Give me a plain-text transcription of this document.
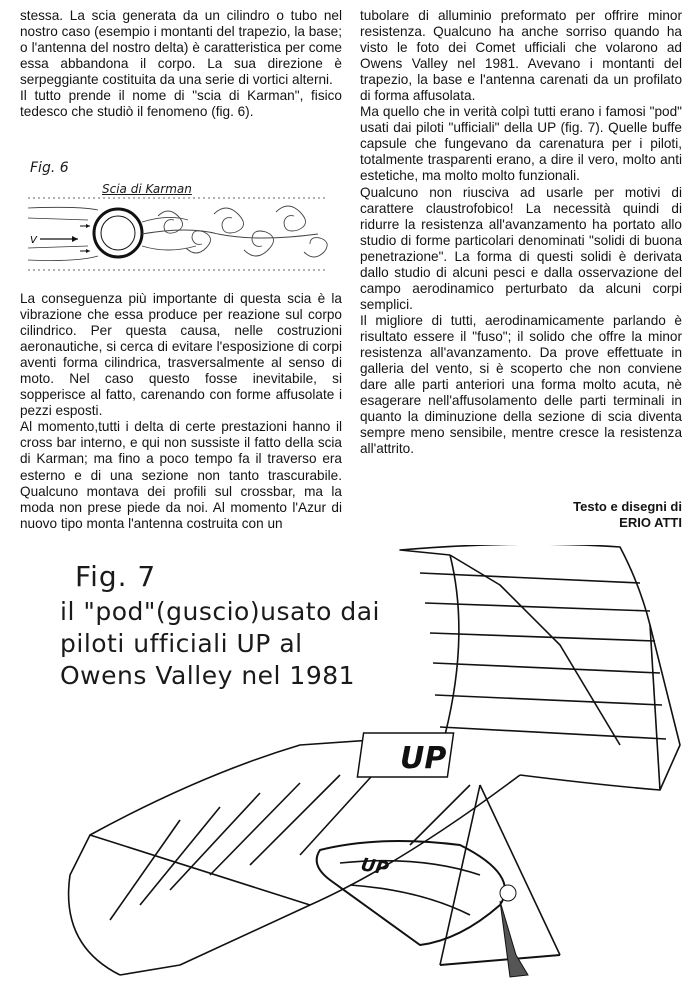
stessa. La scia generata da un cilindro o tubo nel nostro caso (esempio i montanti del trapezio, la base; o l'antenna del nostro delta) è caratteristica per come essa abbandona il corpo. La sua direzione è serpeggiante costituita da una serie di vortici alterni.

Il tutto prende il nome di "scia di Karman", fisico tedesco che studiò il fenomeno (fig. 6).

V
Fig. 6
Scia di Karman

La conseguenza più importante di questa scia è la vibrazione che essa produce per reazione sul corpo cilindrico. Per questa causa, nelle costruzioni aeronautiche, si cerca di evitare l'esposizione di corpi aventi forma cilindrica, trasversalmente al senso di moto. Nel caso questo fosse inevitabile, si sopperisce al fatto, carenando con forme affusolate i pezzi esposti.

Al momento,tutti i delta di certe prestazioni hanno il cross bar interno, e qui non sussiste il fatto della scia di Karman; ma fino a poco tempo fa il traverso era esterno e di una sezione non tanto trascurabile. Qualcuno montava dei profili sul crossbar, ma la moda non prese piede da noi. Al momento l'Azur di nuovo tipo monta l'antenna costruita con un

tubolare di alluminio preformato per offrire minor resistenza. Qualcuno ha anche sorriso quando ha visto le foto dei Comet ufficiali che volarono ad Owens Valley nel 1981. Avevano i montanti del trapezio, la base e l'antenna carenati da un profilato di forma affusolata.

Ma quello che in verità colpì tutti erano i famosi "pod" usati dai piloti "ufficiali" della UP (fig. 7). Quelle buffe capsule che fungevano da carenatura per i piloti, totalmente trasparenti erano, a dire il vero, molto anti estetiche, ma molto molto funzionali.

Qualcuno non riusciva ad usarle per motivi di carattere claustrofobico! La necessità quindi di ridurre la resistenza all'avanzamento ha portato allo studio di forme particolari denominati "solidi di buona penetrazione". La forma di questi solidi è derivata dallo studio di alcuni pesci e dalla osservazione del campo aerodinamico perturbato da alcuni corpi semplici.

Il migliore di tutti, aerodinamicamente parlando è risultato essere il "fuso"; il solido che offre la minor resistenza all'avanzamento. Da prove effettuate in galleria del vento, si è scoperto che non conviene dare alle parti anteriori una forma molto acuta, nè esagerare nell'affusolamento delle parti terminali in quanto la diminuzione della sezione di scia diventa sempre meno sensibile, mentre cresce la resistenza all'attrito.

Testo e disegni di
ERIO ATTI
UP
UP
Fig. 7
il "pod"(guscio)usato dai
piloti ufficiali UP al
Owens Valley nel 1981
